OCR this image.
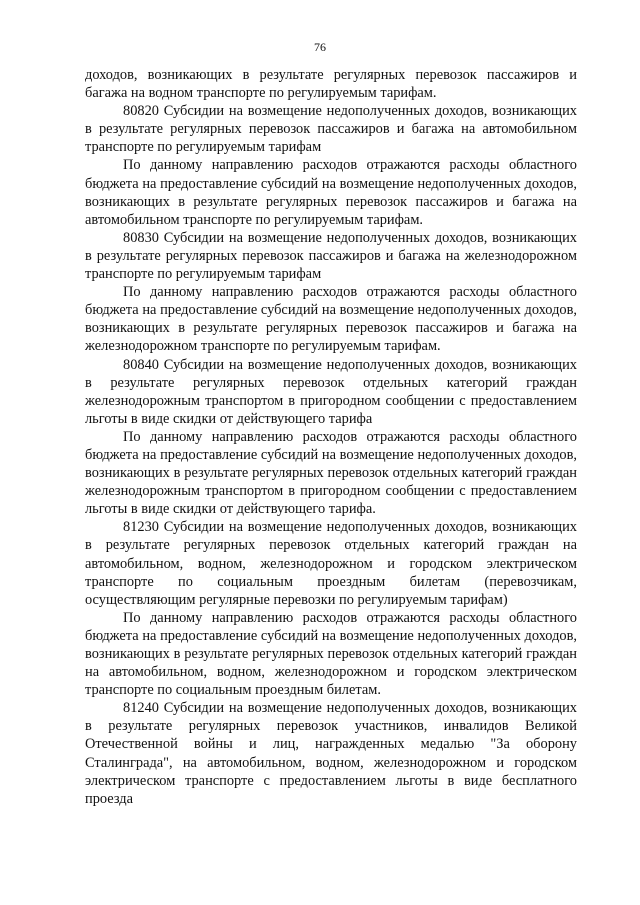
76

доходов, возникающих в результате регулярных перевозок пассажиров и багажа на водном транспорте по регулируемым тарифам.

80820 Субсидии на возмещение недополученных доходов, возникающих в результате регулярных перевозок пассажиров и багажа на автомобильном транспорте по регулируемым тарифам

По данному направлению расходов отражаются расходы областного бюджета на предоставление субсидий на возмещение недополученных доходов, возникающих в результате регулярных перевозок пассажиров и багажа на автомобильном транспорте по регулируемым тарифам.

80830 Субсидии на возмещение недополученных доходов, возникающих в результате регулярных перевозок пассажиров и багажа на железнодорожном транспорте по регулируемым тарифам

По данному направлению расходов отражаются расходы областного бюджета на предоставление субсидий на возмещение недополученных доходов, возникающих в результате регулярных перевозок пассажиров и багажа на железнодорожном транспорте по регулируемым тарифам.

80840 Субсидии на возмещение недополученных доходов, возникающих в результате регулярных перевозок отдельных категорий граждан железнодорожным транспортом в пригородном сообщении с предоставлением льготы в виде скидки от действующего тарифа

По данному направлению расходов отражаются расходы областного бюджета на предоставление субсидий на возмещение недополученных доходов, возникающих в результате регулярных перевозок отдельных категорий граждан железнодорожным транспортом в пригородном сообщении с предоставлением льготы в виде скидки от действующего тарифа.

81230 Субсидии на возмещение недополученных доходов, возникающих в результате регулярных перевозок отдельных категорий граждан на автомобильном, водном, железнодорожном и городском электрическом транспорте по социальным проездным билетам (перевозчикам, осуществляющим регулярные перевозки по регулируемым тарифам)

По данному направлению расходов отражаются расходы областного бюджета на предоставление субсидий на возмещение недополученных доходов, возникающих в результате регулярных перевозок отдельных категорий граждан на автомобильном, водном, железнодорожном и городском электрическом транспорте по социальным проездным билетам.

81240 Субсидии на возмещение недополученных доходов, возникающих в результате регулярных перевозок участников, инвалидов Великой Отечественной войны и лиц, награжденных медалью "За оборону Сталинграда", на автомобильном, водном, железнодорожном и городском электрическом транспорте с предоставлением льготы в виде бесплатного проезда
